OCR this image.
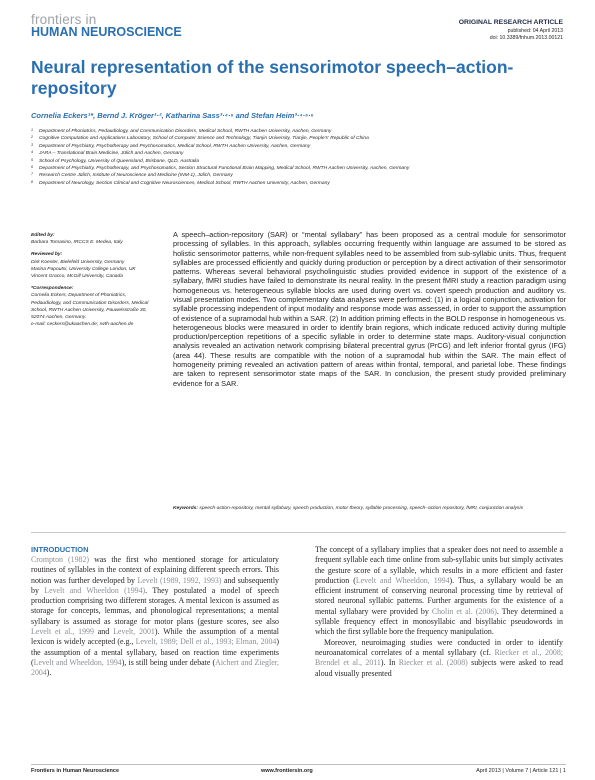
frontiers in
HUMAN NEUROSCIENCE
ORIGINAL RESEARCH ARTICLE
published: 04 April 2013
doi: 10.3389/fnhum.2013.00121
Neural representation of the sensorimotor speech–action-repository
Cornelia Eckers¹*, Bernd J. Kröger¹·², Katharina Sass³·⁴·⁵ and Stefan Heim³·⁴·⁵·⁶
1 Department of Phoniatrics, Pedaudiology, and Communication Disorders, Medical School, RWTH Aachen University, Aachen, Germany
2 Cognitive Computation and Applications Laboratory, School of Computer Science and Technology, Tianjin University, Tianjin, People's' Republic of China
3 Department of Psychiatry, Psychotherapy and Psychosomatics, Medical School, RWTH Aachen University, Aachen, Germany
4 JARA – Translational Brain Medicine, Jülich and Aachen, Germany
5 School of Psychology, University of Queensland, Brisbane, QLD, Australia
6 Department of Psychiatry, Psychotherapy, and Psychosomatics, Section Structural Functional Brain Mapping, Medical School, RWTH Aachen University, Aachen, Germany
7 Research Centre Jülich, Institute of Neuroscience and Medicine (INM-1), Jülich, Germany
8 Department of Neurology, Section Clinical and Cognitive Neurosciences, Medical School, RWTH Aachen University, Aachen, Germany

Edited by:

Barbara Tomasino, IRCCS E. Medea, Italy

Reviewed by:

Dirk Koester, Bielefeld University, Germany

Marina Papoutsi, University College London, UK

Vincent Gracco, McGill University, Canada

*Correspondence:

Cornelia Eckers, Department of Phoniatrics, Pedaudiology, and Communication Disorders, Medical School, RWTH Aachen University, Pauwelsstraße 30, 52074 Aachen, Germany.

e-mail: ceckers@ukaachen.de; rwth-aachen.de

A speech–action-repository (SAR) or “mental syllabary” has been proposed as a central module for sensorimotor processing of syllables. In this approach, syllables occurring frequently within language are assumed to be stored as holistic sensorimotor patterns, while non-frequent syllables need to be assembled from sub-syllabic units. Thus, frequent syllables are processed efficiently and quickly during production or perception by a direct activation of their sensorimotor patterns. Whereas several behavioral psycholinguistic studies provided evidence in support of the existence of a syllabary, fMRI studies have failed to demonstrate its neural reality. In the present fMRI study a reaction paradigm using homogeneous vs. heterogeneous syllable blocks are used during overt vs. covert speech production and auditory vs. visual presentation modes. Two complementary data analyses were performed: (1) in a logical conjunction, activation for syllable processing independent of input modality and response mode was assessed, in order to support the assumption of existence of a supramodal hub within a SAR. (2) In addition priming effects in the BOLD response in homogeneous vs. heterogeneous blocks were measured in order to identify brain regions, which indicate reduced activity during multiple production/perception repetitions of a specific syllable in order to determine state maps. Auditory-visual conjunction analysis revealed an activation network comprising bilateral precentral gyrus (PrCG) and left inferior frontal gyrus (IFG) (area 44). These results are compatible with the notion of a supramodal hub within the SAR. The main effect of homogeneity priming revealed an activation pattern of areas within frontal, temporal, and parietal lobe. These findings are taken to represent sensorimotor state maps of the SAR. In conclusion, the present study provided preliminary evidence for a SAR.
Keywords: speech-action-repository, mental syllabary, speech production, motor theory, syllable processing, speech–action repository, fMRI, conjunction analysis
INTRODUCTION

Crompton (1982) was the first who mentioned storage for articulatory routines of syllables in the context of explaining different speech errors. This notion was further developed by Levelt (1989, 1992, 1993) and subsequently by Levelt and Wheeldon (1994). They postulated a model of speech production comprising two different storages. A mental lexicon is assumed as storage for concepts, lemmas, and phonological representations; a mental syllabary is assumed as storage for motor plans (gesture scores, see also Levelt et al., 1999 and Levelt, 2001). While the assumption of a mental lexicon is widely accepted (e.g., Levelt, 1989; Dell et al., 1993; Elman, 2004) the assumption of a mental syllabary, based on reaction time experiments (Levelt and Wheeldon, 1994), is still being under debate (Aichert and Ziegler, 2004).

The concept of a syllabary implies that a speaker does not need to assemble a frequent syllable each time online from sub-syllabic units but simply activates the gesture score of a syllable, which results in a more efficient and faster production (Levelt and Wheeldon, 1994). Thus, a syllabary would be an efficient instrument of conserving neuronal processing time by retrieval of stored neuronal syllabic patterns. Further arguments for the existence of a mental syllabary were provided by Cholin et al. (2006). They determined a syllable frequency effect in monosyllabic and bisyllabic pseudowords in which the first syllable bore the frequency manipulation.

Moreover, neuroimaging studies were conducted in order to identify neuroanatomical correlates of a mental syllabary (cf. Riecker et al., 2008; Brendel et al., 2011). In Riecker et al. (2008) subjects were asked to read aloud visually presented

Frontiers in Human Neuroscience	www.frontiersin.org	April 2013 | Volume 7 | Article 121 | 1
